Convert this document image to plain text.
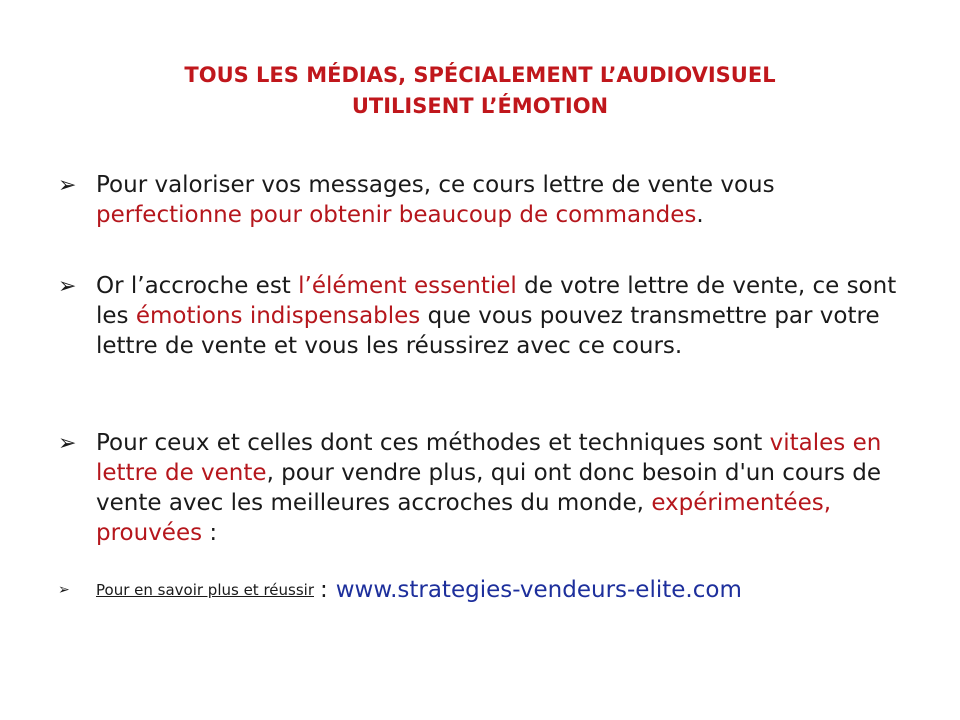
TOUS LES MÉDIAS, SPÉCIALEMENT L’AUDIOVISUEL
UTILISENT L’ÉMOTION
➢ Pour valoriser vos messages, ce cours lettre de vente vous perfectionne pour obtenir beaucoup de commandes.
➢ Or l’accroche est l’élément essentiel de votre lettre de vente, ce sont les émotions indispensables que vous pouvez transmettre par votre lettre de vente et vous les réussirez avec ce cours.
➢ Pour ceux et celles dont ces méthodes et techniques sont vitales en lettre de vente, pour vendre plus, qui ont donc besoin d'un cours de vente avec les meilleures accroches du monde, expérimentées, prouvées :
➢	Pour en savoir plus et réussir : www.strategies-vendeurs-elite.com
